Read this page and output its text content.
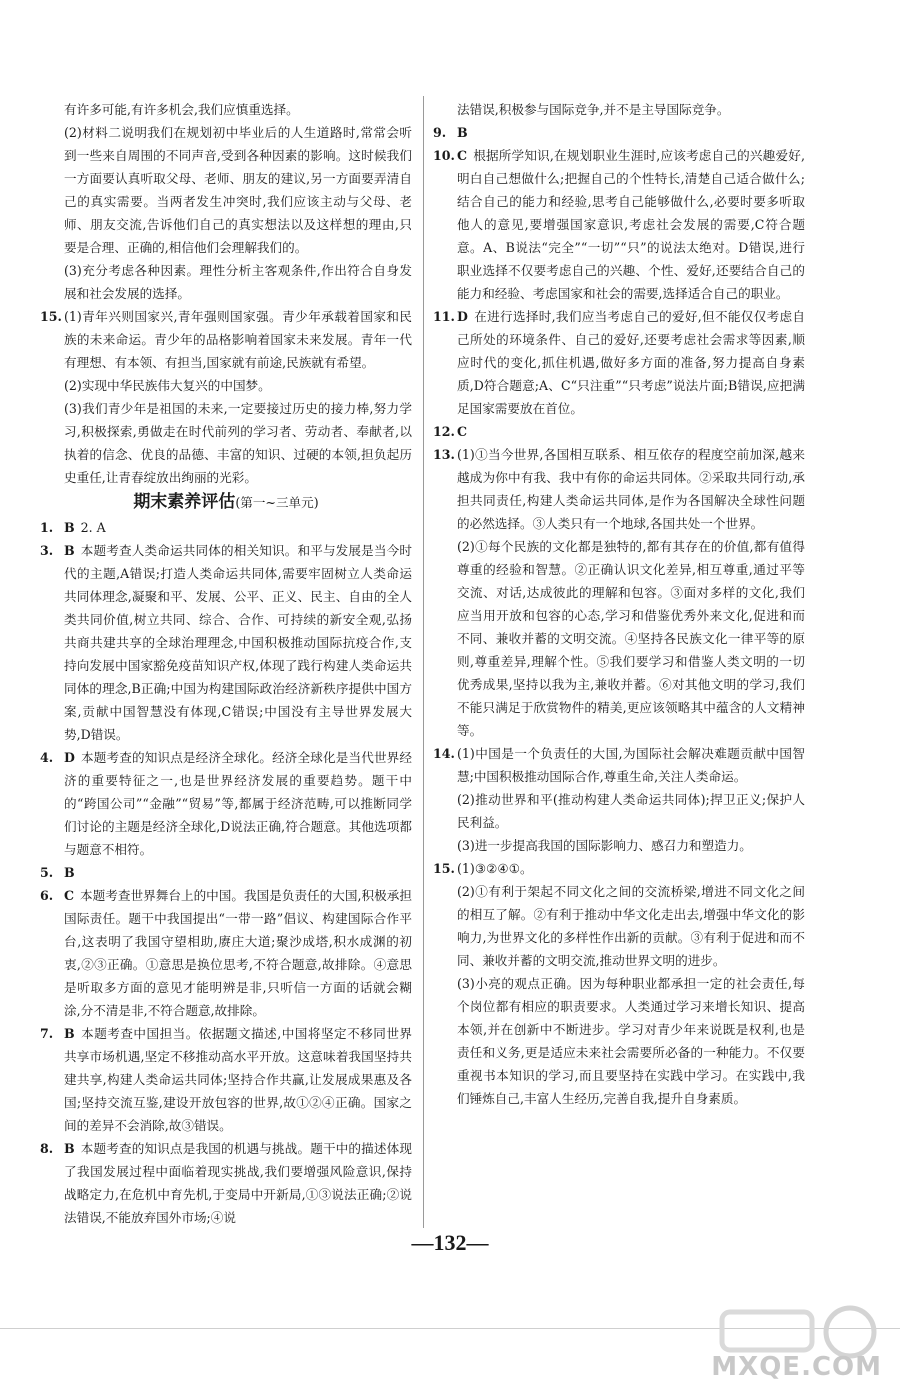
有许多可能,有许多机会,我们应慎重选择。

(2)材料二说明我们在规划初中毕业后的人生道路时,常常会听到一些来自周围的不同声音,受到各种因素的影响。这时候我们一方面要认真听取父母、老师、朋友的建议,另一方面要弄清自己的真实需要。当两者发生冲突时,我们应该主动与父母、老师、朋友交流,告诉他们自己的真实想法以及这样想的理由,只要是合理、正确的,相信他们会理解我们的。

(3)充分考虑各种因素。理性分析主客观条件,作出符合自身发展和社会发展的选择。

15. (1)青年兴则国家兴,青年强则国家强。青少年承载着国家和民族的未来命运。青少年的品格影响着国家未来发展。青年一代有理想、有本领、有担当,国家就有前途,民族就有希望。

(2)实现中华民族伟大复兴的中国梦。

(3)我们青少年是祖国的未来,一定要接过历史的接力棒,努力学习,积极探索,勇做走在时代前列的学习者、劳动者、奉献者,以执着的信念、优良的品德、丰富的知识、过硬的本领,担负起历史重任,让青春绽放出绚丽的光彩。

期末素养评估(第一~三单元)
1. B 2. A
3. B 本题考查人类命运共同体的相关知识。和平与发展是当今时代的主题,A错误;打造人类命运共同体,需要牢固树立人类命运共同体理念,凝聚和平、发展、公平、正义、民主、自由的全人类共同价值,树立共同、综合、合作、可持续的新安全观,弘扬共商共建共享的全球治理理念,中国积极推动国际抗疫合作,支持向发展中国家豁免疫苗知识产权,体现了践行构建人类命运共同体的理念,B正确;中国为构建国际政治经济新秩序提供中国方案,贡献中国智慧没有体现,C错误;中国没有主导世界发展大势,D错误。
4. D 本题考查的知识点是经济全球化。经济全球化是当代世界经济的重要特征之一,也是世界经济发展的重要趋势。题干中的“跨国公司”“金融”“贸易”等,都属于经济范畴,可以推断同学们讨论的主题是经济全球化,D说法正确,符合题意。其他选项都与题意不相符。
5. B
6. C 本题考查世界舞台上的中国。我国是负责任的大国,积极承担国际责任。题干中我国提出“一带一路”倡议、构建国际合作平台,这表明了我国守望相助,赓庄大道;聚沙成塔,积水成渊的初衷,②③正确。①意思是换位思考,不符合题意,故排除。④意思是听取多方面的意见才能明辨是非,只听信一方面的话就会糊涂,分不清是非,不符合题意,故排除。
7. B 本题考查中国担当。依据题文描述,中国将坚定不移同世界共享市场机遇,坚定不移推动高水平开放。这意味着我国坚持共建共享,构建人类命运共同体;坚持合作共赢,让发展成果惠及各国;坚持交流互鉴,建设开放包容的世界,故①②④正确。国家之间的差异不会消除,故③错误。
8. B 本题考查的知识点是我国的机遇与挑战。题干中的描述体现了我国发展过程中面临着现实挑战,我们要增强风险意识,保持战略定力,在危机中育先机,于变局中开新局,①③说法正确;②说法错误,不能放弃国外市场;④说

法错误,积极参与国际竞争,并不是主导国际竞争。

9. B
10. C 根据所学知识,在规划职业生涯时,应该考虑自己的兴趣爱好,明白自己想做什么;把握自己的个性特长,清楚自己适合做什么;结合自己的能力和经验,思考自己能够做什么,必要时要多听取他人的意见,要增强国家意识,考虑社会发展的需要,C符合题意。A、B说法“完全”“一切”“只”的说法太绝对。D错误,进行职业选择不仅要考虑自己的兴趣、个性、爱好,还要结合自己的能力和经验、考虑国家和社会的需要,选择适合自己的职业。
11. D 在进行选择时,我们应当考虑自己的爱好,但不能仅仅考虑自己所处的环境条件、自己的爱好,还要考虑社会需求等因素,顺应时代的变化,抓住机遇,做好多方面的准备,努力提高自身素质,D符合题意;A、C“只注重”“只考虑”说法片面;B错误,应把满足国家需要放在首位。
12. C
13. (1)①当今世界,各国相互联系、相互依存的程度空前加深,越来越成为你中有我、我中有你的命运共同体。②采取共同行动,承担共同责任,构建人类命运共同体,是作为各国解决全球性问题的必然选择。③人类只有一个地球,各国共处一个世界。

(2)①每个民族的文化都是独特的,都有其存在的价值,都有值得尊重的经验和智慧。②正确认识文化差异,相互尊重,通过平等交流、对话,达成彼此的理解和包容。③面对多样的文化,我们应当用开放和包容的心态,学习和借鉴优秀外来文化,促进和而不同、兼收并蓄的文明交流。④坚持各民族文化一律平等的原则,尊重差异,理解个性。⑤我们要学习和借鉴人类文明的一切优秀成果,坚持以我为主,兼收并蓄。⑥对其他文明的学习,我们不能只满足于欣赏物件的精美,更应该领略其中蕴含的人文精神等。

14. (1)中国是一个负责任的大国,为国际社会解决难题贡献中国智慧;中国积极推动国际合作,尊重生命,关注人类命运。

(2)推动世界和平(推动构建人类命运共同体);捍卫正义;保护人民利益。

(3)进一步提高我国的国际影响力、感召力和塑造力。

15. (1)③②④①。

(2)①有利于架起不同文化之间的交流桥梁,增进不同文化之间的相互了解。②有利于推动中华文化走出去,增强中华文化的影响力,为世界文化的多样性作出新的贡献。③有利于促进和而不同、兼收并蓄的文明交流,推动世界文明的进步。

(3)小亮的观点正确。因为每种职业都承担一定的社会责任,每个岗位都有相应的职责要求。人类通过学习来增长知识、提高本领,并在创新中不断进步。学习对青少年来说既是权利,也是责任和义务,更是适应未来社会需要所必备的一种能力。不仅要重视书本知识的学习,而且要坚持在实践中学习。在实践中,我们锤炼自己,丰富人生经历,完善自我,提升自身素质。

—132—
MXQE.COM
